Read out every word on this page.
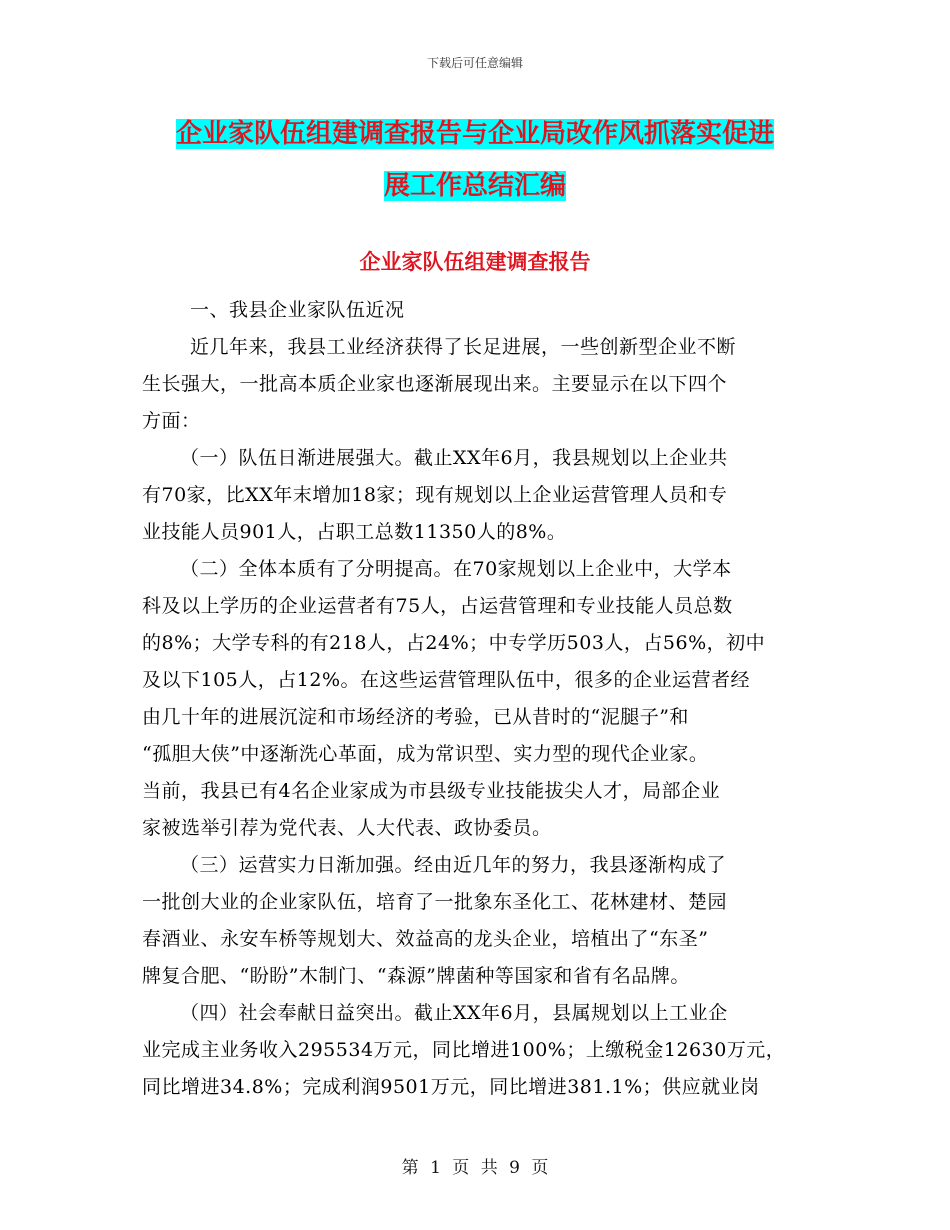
下载后可任意编辑
企业家队伍组建调查报告与企业局改作风抓落实促进
展工作总结汇编
企业家队伍组建调查报告
一、我县企业家队伍近况
近几年来，我县工业经济获得了长足进展，一些创新型企业不断
生长强大，一批高本质企业家也逐渐展现出来。主要显示在以下四个
方面：
（一）队伍日渐进展强大。截止XX年6月，我县规划以上企业共
有70家，比XX年末增加18家；现有规划以上企业运营管理人员和专
业技能人员901人，占职工总数11350人的8%。
（二）全体本质有了分明提高。在70家规划以上企业中，大学本
科及以上学历的企业运营者有75人，占运营管理和专业技能人员总数
的8%；大学专科的有218人，占24%；中专学历503人，占56%，初中
及以下105人，占12%。在这些运营管理队伍中，很多的企业运营者经
由几十年的进展沉淀和市场经济的考验，已从昔时的“泥腿子”和
“孤胆大侠”中逐渐洗心革面，成为常识型、实力型的现代企业家。
当前，我县已有4名企业家成为市县级专业技能拔尖人才，局部企业
家被选举引荐为党代表、人大代表、政协委员。
（三）运营实力日渐加强。经由近几年的努力，我县逐渐构成了
一批创大业的企业家队伍，培育了一批象东圣化工、花林建材、楚园
春酒业、永安车桥等规划大、效益高的龙头企业，培植出了“东圣”
牌复合肥、“盼盼”木制门、“森源”牌菌种等国家和省有名品牌。
（四）社会奉献日益突出。截止XX年6月，县属规划以上工业企
业完成主业务收入295534万元，同比增进100%；上缴税金12630万元，
同比增进34.8%；完成利润9501万元，同比增进381.1%；供应就业岗
第 1 页 共 9 页
